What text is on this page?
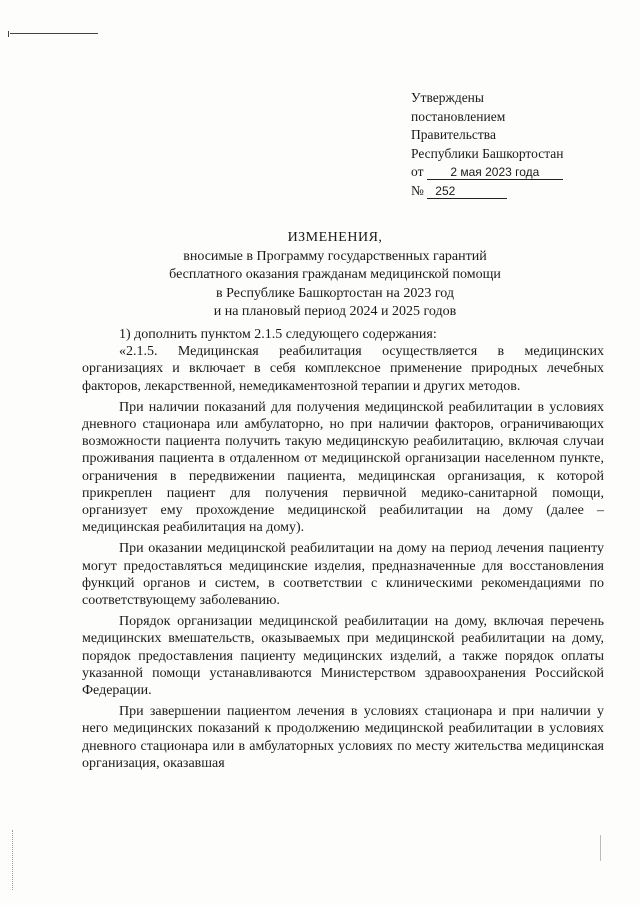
Утверждены
постановлением
Правительства
Республики Башкортостан
от 2 мая 2023 года
№ 252
ИЗМЕНЕНИЯ,
вносимые в Программу государственных гарантий
бесплатного оказания гражданам медицинской помощи
в Республике Башкортостан на 2023 год
и на плановый период 2024 и 2025 годов

1) дополнить пунктом 2.1.5 следующего содержания:

«2.1.5. Медицинская реабилитация осуществляется в медицинских организациях и включает в себя комплексное применение природных лечебных факторов, лекарственной, немедикаментозной терапии и других методов.

При наличии показаний для получения медицинской реабилитации в условиях дневного стационара или амбулаторно, но при наличии факторов, ограничивающих возможности пациента получить такую медицинскую реабилитацию, включая случаи проживания пациента в отдаленном от медицинской организации населенном пункте, ограничения в передвижении пациента, медицинская организация, к которой прикреплен пациент для получения первичной медико-санитарной помощи, организует ему прохождение медицинской реабилитации на дому (далее – медицинская реабилитация на дому).

При оказании медицинской реабилитации на дому на период лечения пациенту могут предоставляться медицинские изделия, предназначенные для восстановления функций органов и систем, в соответствии с клиническими рекомендациями по соответствующему заболеванию.

Порядок организации медицинской реабилитации на дому, включая перечень медицинских вмешательств, оказываемых при медицинской реабилитации на дому, порядок предоставления пациенту медицинских изделий, а также порядок оплаты указанной помощи устанавливаются Министерством здравоохранения Российской Федерации.

При завершении пациентом лечения в условиях стационара и при наличии у него медицинских показаний к продолжению медицинской реабилитации в условиях дневного стационара или в амбулаторных условиях по месту жительства медицинская организация, оказавшая
